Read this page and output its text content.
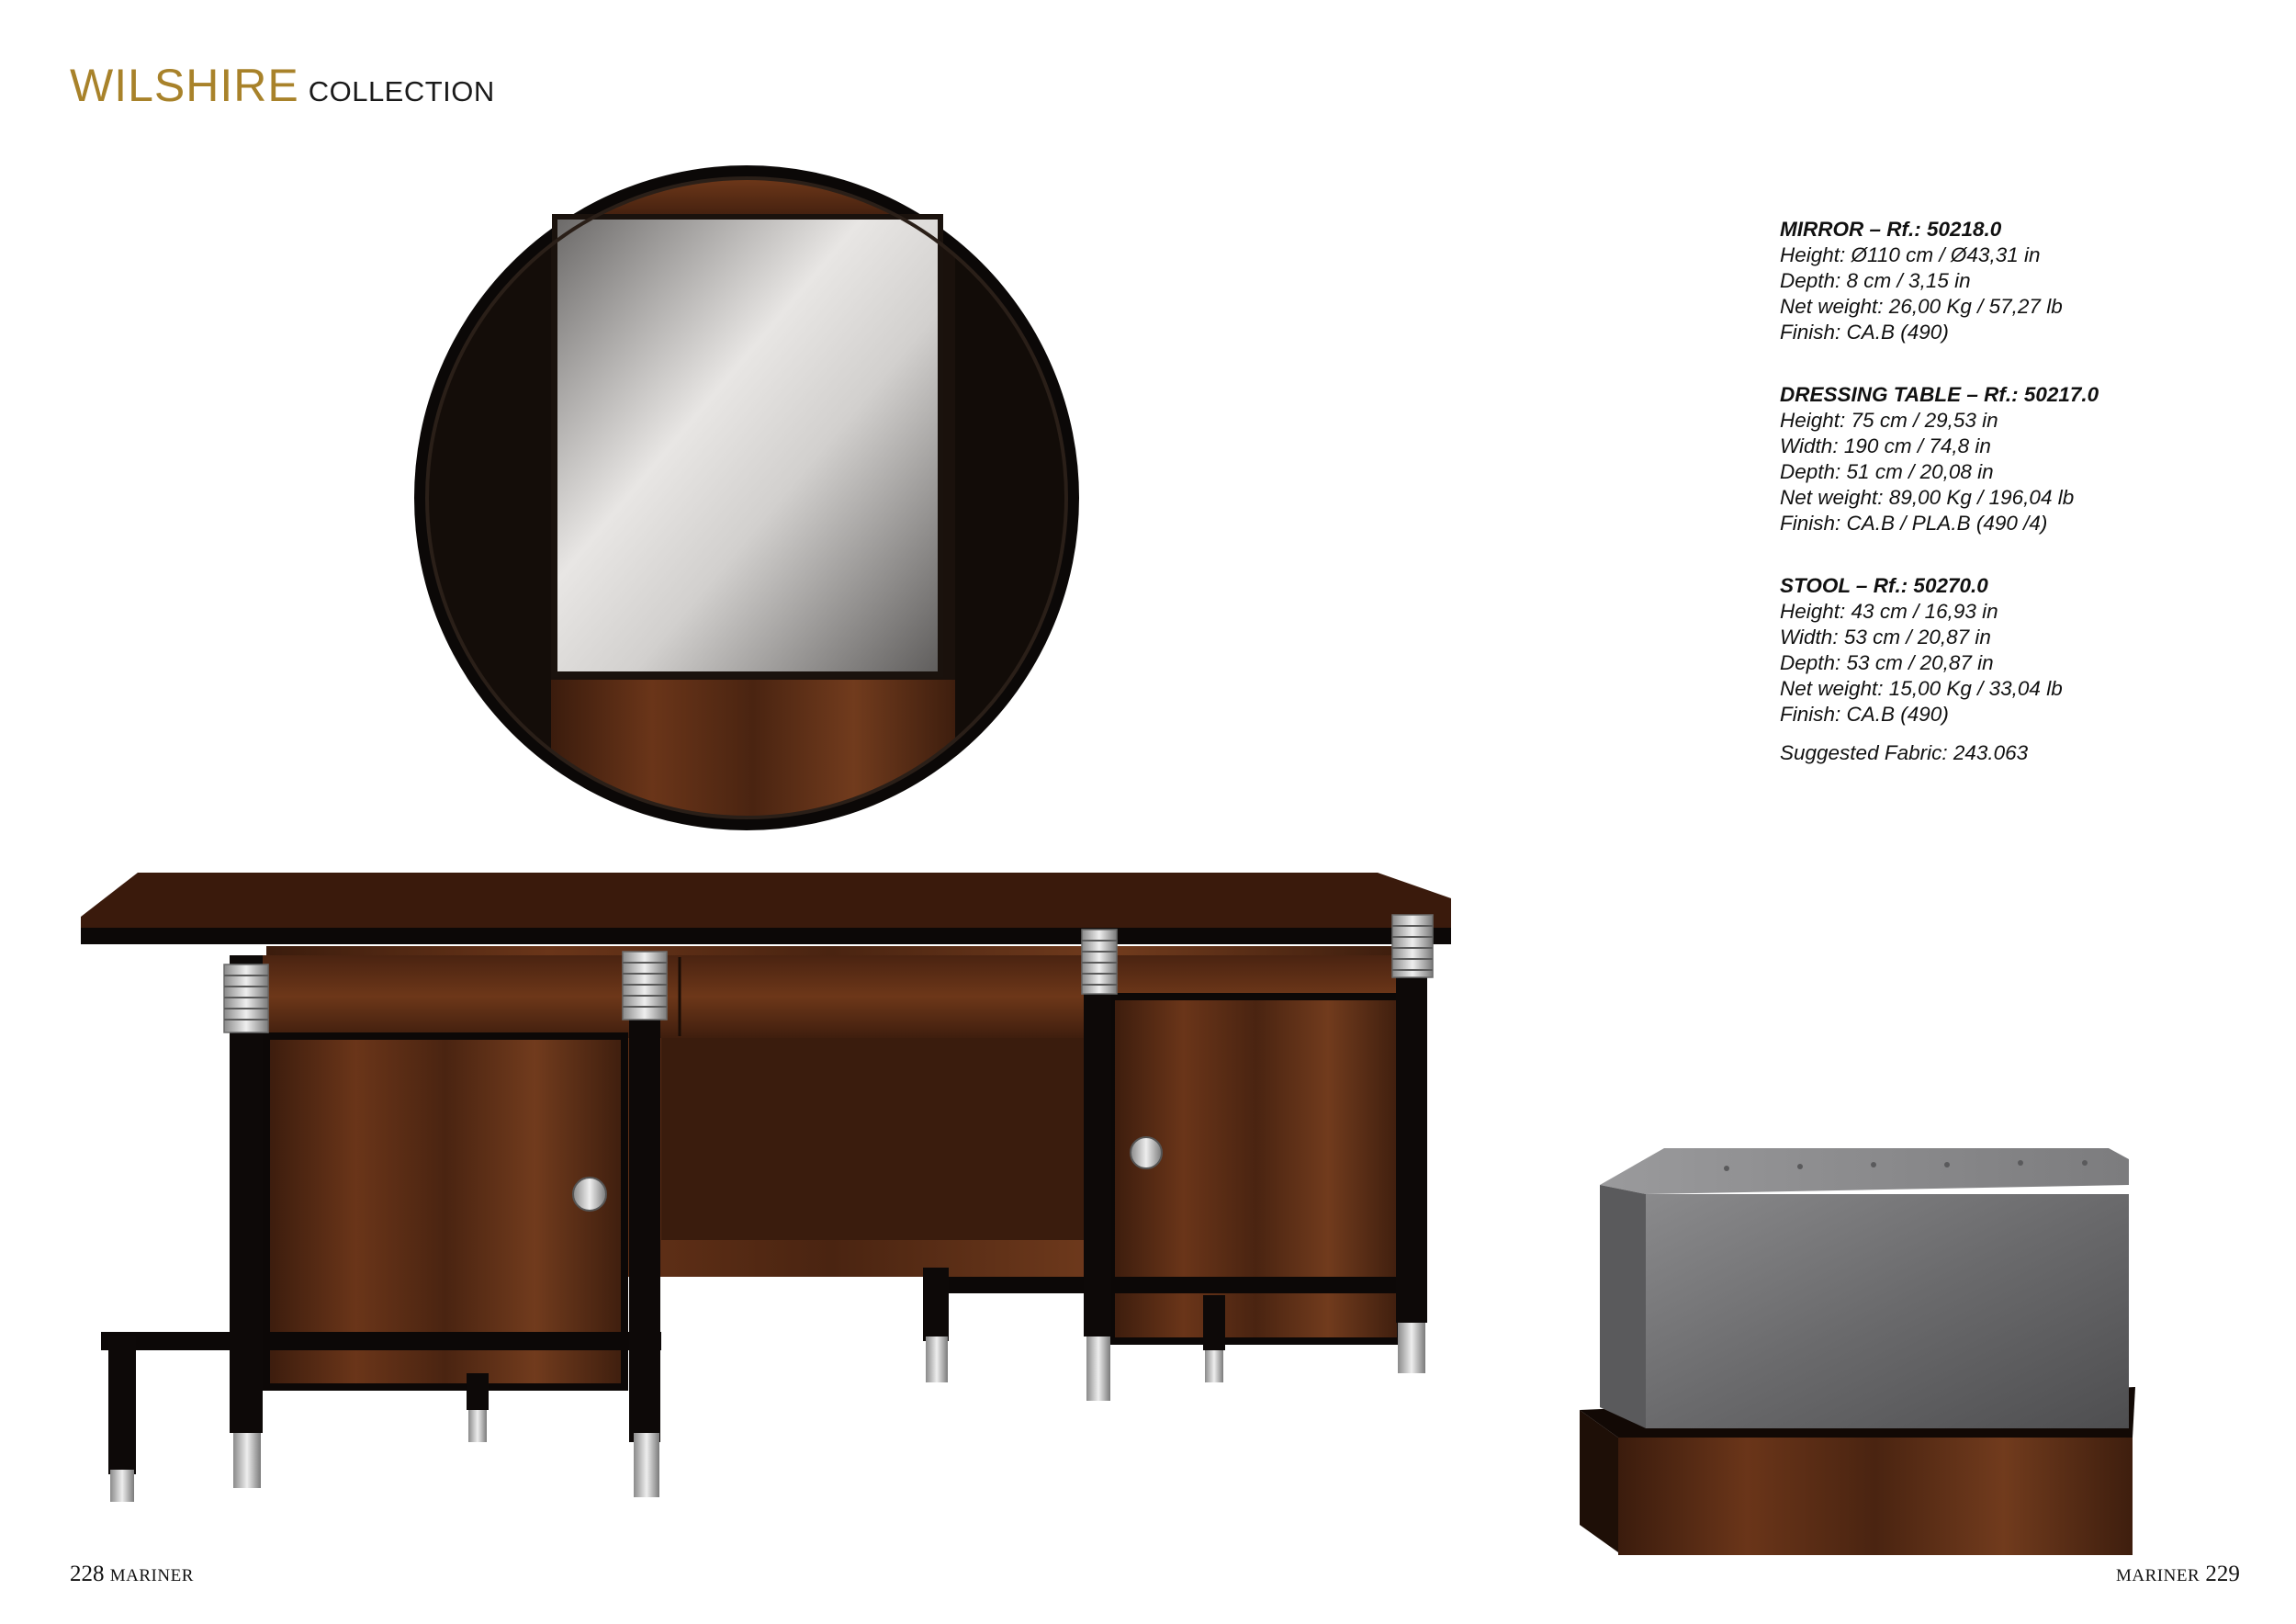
WILSHIRE COLLECTION
MIRROR – Rf.: 50218.0
Height: Ø110 cm / Ø43,31 in
Depth: 8 cm / 3,15 in
Net weight: 26,00 Kg / 57,27 lb
Finish: CA.B (490)
DRESSING TABLE – Rf.: 50217.0
Height: 75 cm / 29,53 in
Width: 190 cm / 74,8 in
Depth: 51 cm / 20,08 in
Net weight: 89,00 Kg / 196,04 lb
Finish: CA.B / PLA.B (490 /4)
STOOL – Rf.: 50270.0
Height: 43 cm / 16,93 in
Width: 53 cm / 20,87 in
Depth: 53 cm / 20,87 in
Net weight: 15,00 Kg / 33,04 lb
Finish: CA.B (490)
Suggested Fabric: 243.063
228 MARINER	MARINER 229
